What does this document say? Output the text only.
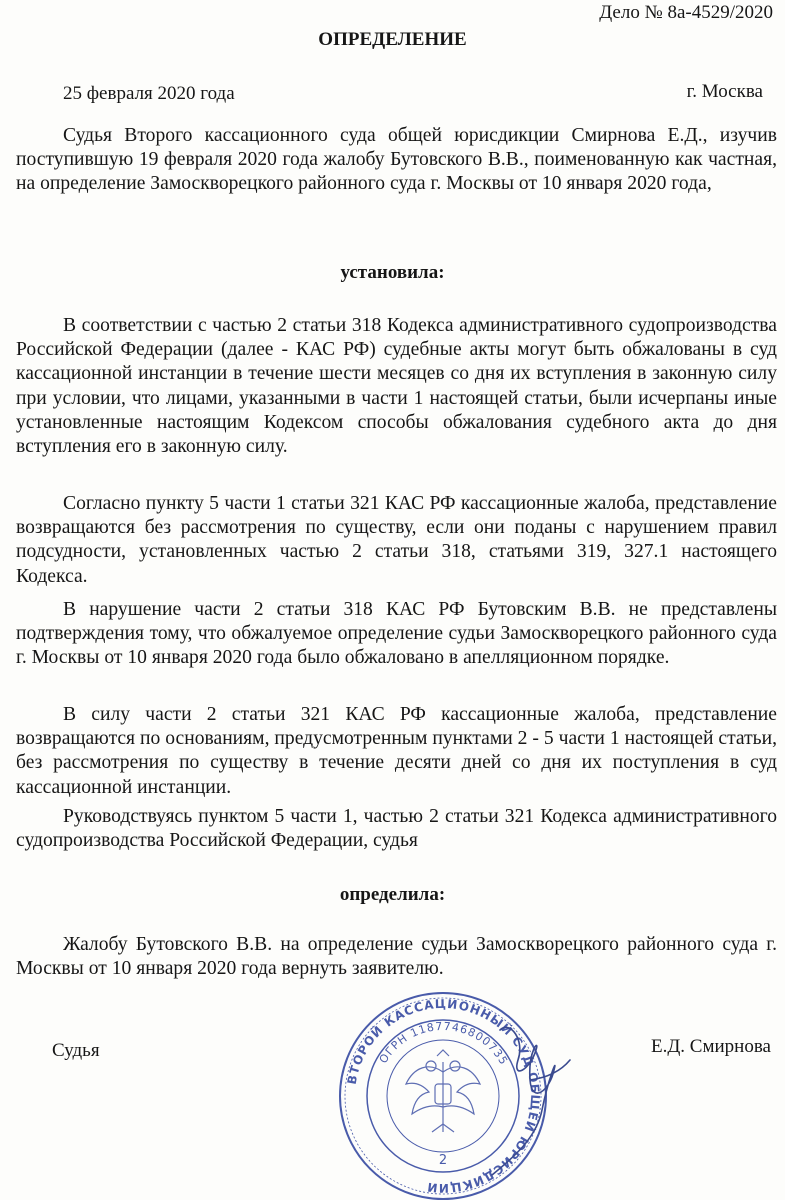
Дело № 8а-4529/2020
ОПРЕДЕЛЕНИЕ
25 февраля 2020 года	г. Москва
Судья Второго кассационного суда общей юрисдикции Смирнова Е.Д., изучив поступившую 19 февраля 2020 года жалобу Бутовского В.В., поименованную как частная, на определение Замоскворецкого районного суда г. Москвы от 10 января 2020 года,
установила:
В соответствии с частью 2 статьи 318 Кодекса административного судопроизводства Российской Федерации (далее - КАС РФ) судебные акты могут быть обжалованы в суд кассационной инстанции в течение шести месяцев со дня их вступления в законную силу при условии, что лицами, указанными в части 1 настоящей статьи, были исчерпаны иные установленные настоящим Кодексом способы обжалования судебного акта до дня вступления его в законную силу.
Согласно пункту 5 части 1 статьи 321 КАС РФ кассационные жалоба, представление возвращаются без рассмотрения по существу, если они поданы с нарушением правил подсудности, установленных частью 2 статьи 318, статьями 319, 327.1 настоящего Кодекса.
В нарушение части 2 статьи 318 КАС РФ Бутовским В.В. не представлены подтверждения тому, что обжалуемое определение судьи Замоскворецкого районного суда г. Москвы от 10 января 2020 года было обжаловано в апелляционном порядке.
В силу части 2 статьи 321 КАС РФ кассационные жалоба, представление возвращаются по основаниям, предусмотренным пунктами 2 - 5 части 1 настоящей статьи, без рассмотрения по существу в течение десяти дней со дня их поступления в суд кассационной инстанции.
Руководствуясь пунктом 5 части 1, частью 2 статьи 321 Кодекса административного судопроизводства Российской Федерации, судья
определила:
Жалобу Бутовского В.В. на определение судьи Замоскворецкого районного суда г. Москвы от 10 января 2020 года вернуть заявителю.
Судья	Е.Д. Смирнова
ВТОРОЙ КАССАЦИОННЫЙ СУД ОБЩЕЙ ЮРИСДИКЦИИ
ОГРН 1187746800735
2
